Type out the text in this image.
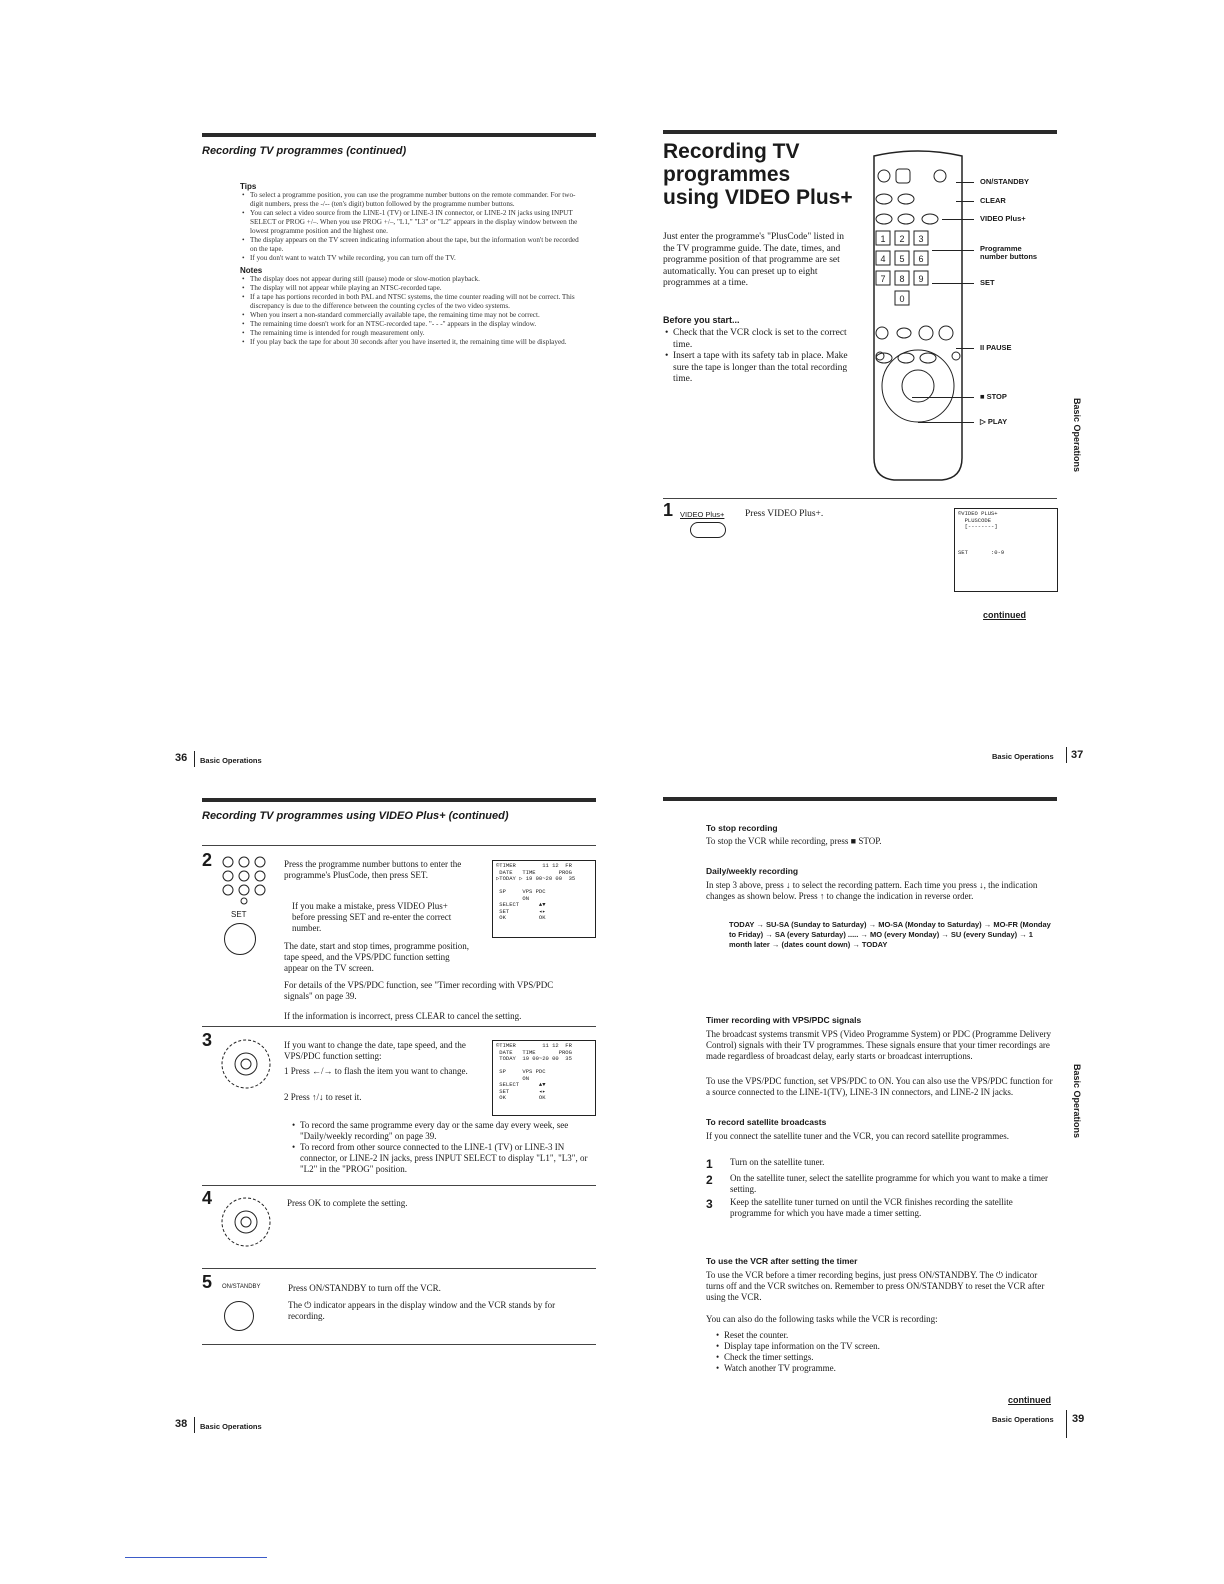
Recording TV programmes (continued)
Tips
• To select a programme position, you can use the programme number buttons on the remote commander. For two-digit numbers, press the -/-- (ten's digit) button followed by the programme number buttons.
• You can select a video source from the LINE-1 (TV) or LINE-3 IN connector, or LINE-2 IN jacks using INPUT SELECT or PROG +/–. When you use PROG +/–, "L1," "L3" or "L2" appears in the display window between the lowest programme position and the highest one.
• The display appears on the TV screen indicating information about the tape, but the information won't be recorded on the tape.
• If you don't want to watch TV while recording, you can turn off the TV.
Notes
• The display does not appear during still (pause) mode or slow-motion playback.
• The display will not appear while playing an NTSC-recorded tape.
• If a tape has portions recorded in both PAL and NTSC systems, the time counter reading will not be correct. This discrepancy is due to the difference between the counting cycles of the two video systems.
• When you insert a non-standard commercially available tape, the remaining time may not be correct.
• The remaining time doesn't work for an NTSC-recorded tape. "- - -" appears in the display window.
• The remaining time is intended for rough measurement only.
• If you play back the tape for about 30 seconds after you have inserted it, the remaining time will be displayed.
36 Basic Operations
Recording TV
programmes
using VIDEO Plus+
Just enter the programme's "PlusCode" listed in the TV programme guide. The date, times, and programme position of that programme are set automatically. You can preset up to eight programmes at a time.
Before you start...
• Check that the VCR clock is set to the correct time.
• Insert a tape with its safety tab in place. Make sure the tape is longer than the total recording time.
1 2 3
4 5 6
7 8 9
0
ON/STANDBY
CLEAR
VIDEO Plus+
Programme number buttons
SET
II PAUSE
■ STOP
▷ PLAY
1 VIDEO Plus+ Press VIDEO Plus+.	©VIDEO PLUS+
PLUSCODE
[--------]

SET       :0-9
continued
Basic Operations 37
Basic Operations
Recording TV programmes using VIDEO Plus+ (continued)
2
SET
Press the programme number buttons to enter the programme's PlusCode, then press SET.
If you make a mistake, press VIDEO Plus+ before pressing SET and re-enter the correct number.
The date, start and stop times, programme position, tape speed, and the VPS/PDC function setting appear on the TV screen.
For details of the VPS/PDC function, see "Timer recording with VPS/PDC signals" on page 39.
If the information is incorrect, press CLEAR to cancel the setting.
©TIMER        11 12  FR
DATE   TIME       PROG
▷TODAY ▷ 19 00~20 00  35

SP     VPS PDC
ON
SELECT      ▲▼
SET         ◂▸
OK          OK
3	If you want to change the date, tape speed, and the VPS/PDC function setting:
1 Press ←/→ to flash the item you want to change.
2 Press ↑/↓ to reset it.
©TIMER        11 12  FR
DATE   TIME       PROG
TODAY  19 00~20 00  35

SP     VPS PDC
ON
SELECT      ▲▼
SET         ◂▸
OK          OK
• To record the same programme every day or the same day every week, see "Daily/weekly recording" on page 39.
• To record from other source connected to the LINE-1 (TV) or LINE-3 IN connector, or LINE-2 IN jacks, press INPUT SELECT to display "L1", "L3", or "L2" in the "PROG" position.
4	Press OK to complete the setting.
5 ON/STANDBY	Press ON/STANDBY to turn off the VCR.
The ⏻ indicator appears in the display window and the VCR stands by for recording.
38 Basic Operations
To stop recording
To stop the VCR while recording, press ■ STOP.
Daily/weekly recording
In step 3 above, press ↓ to select the recording pattern. Each time you press ↓, the indication changes as shown below. Press ↑ to change the indication in reverse order.
TODAY → SU-SA (Sunday to Saturday) → MO-SA (Monday to Saturday) → MO-FR (Monday to Friday) → SA (every Saturday) ..... → MO (every Monday) → SU (every Sunday) → 1 month later → (dates count down) → TODAY
Timer recording with VPS/PDC signals
The broadcast systems transmit VPS (Video Programme System) or PDC (Programme Delivery Control) signals with their TV programmes. These signals ensure that your timer recordings are made regardless of broadcast delay, early starts or broadcast interruptions.
To use the VPS/PDC function, set VPS/PDC to ON. You can also use the VPS/PDC function for a source connected to the LINE-1(TV), LINE-3 IN connectors, and LINE-2 IN jacks.
To record satellite broadcasts
If you connect the satellite tuner and the VCR, you can record satellite programmes.
1	Turn on the satellite tuner.
2	On the satellite tuner, select the satellite programme for which you want to make a timer setting.
3	Keep the satellite tuner turned on until the VCR finishes recording the satellite programme for which you have made a timer setting.
To use the VCR after setting the timer
To use the VCR before a timer recording begins, just press ON/STANDBY. The ⏻ indicator turns off and the VCR switches on. Remember to press ON/STANDBY to reset the VCR after using the VCR.
You can also do the following tasks while the VCR is recording:
• Reset the counter.
• Display tape information on the TV screen.
• Check the timer settings.
• Watch another TV programme.
continued
Basic Operations 39
Basic Operations
